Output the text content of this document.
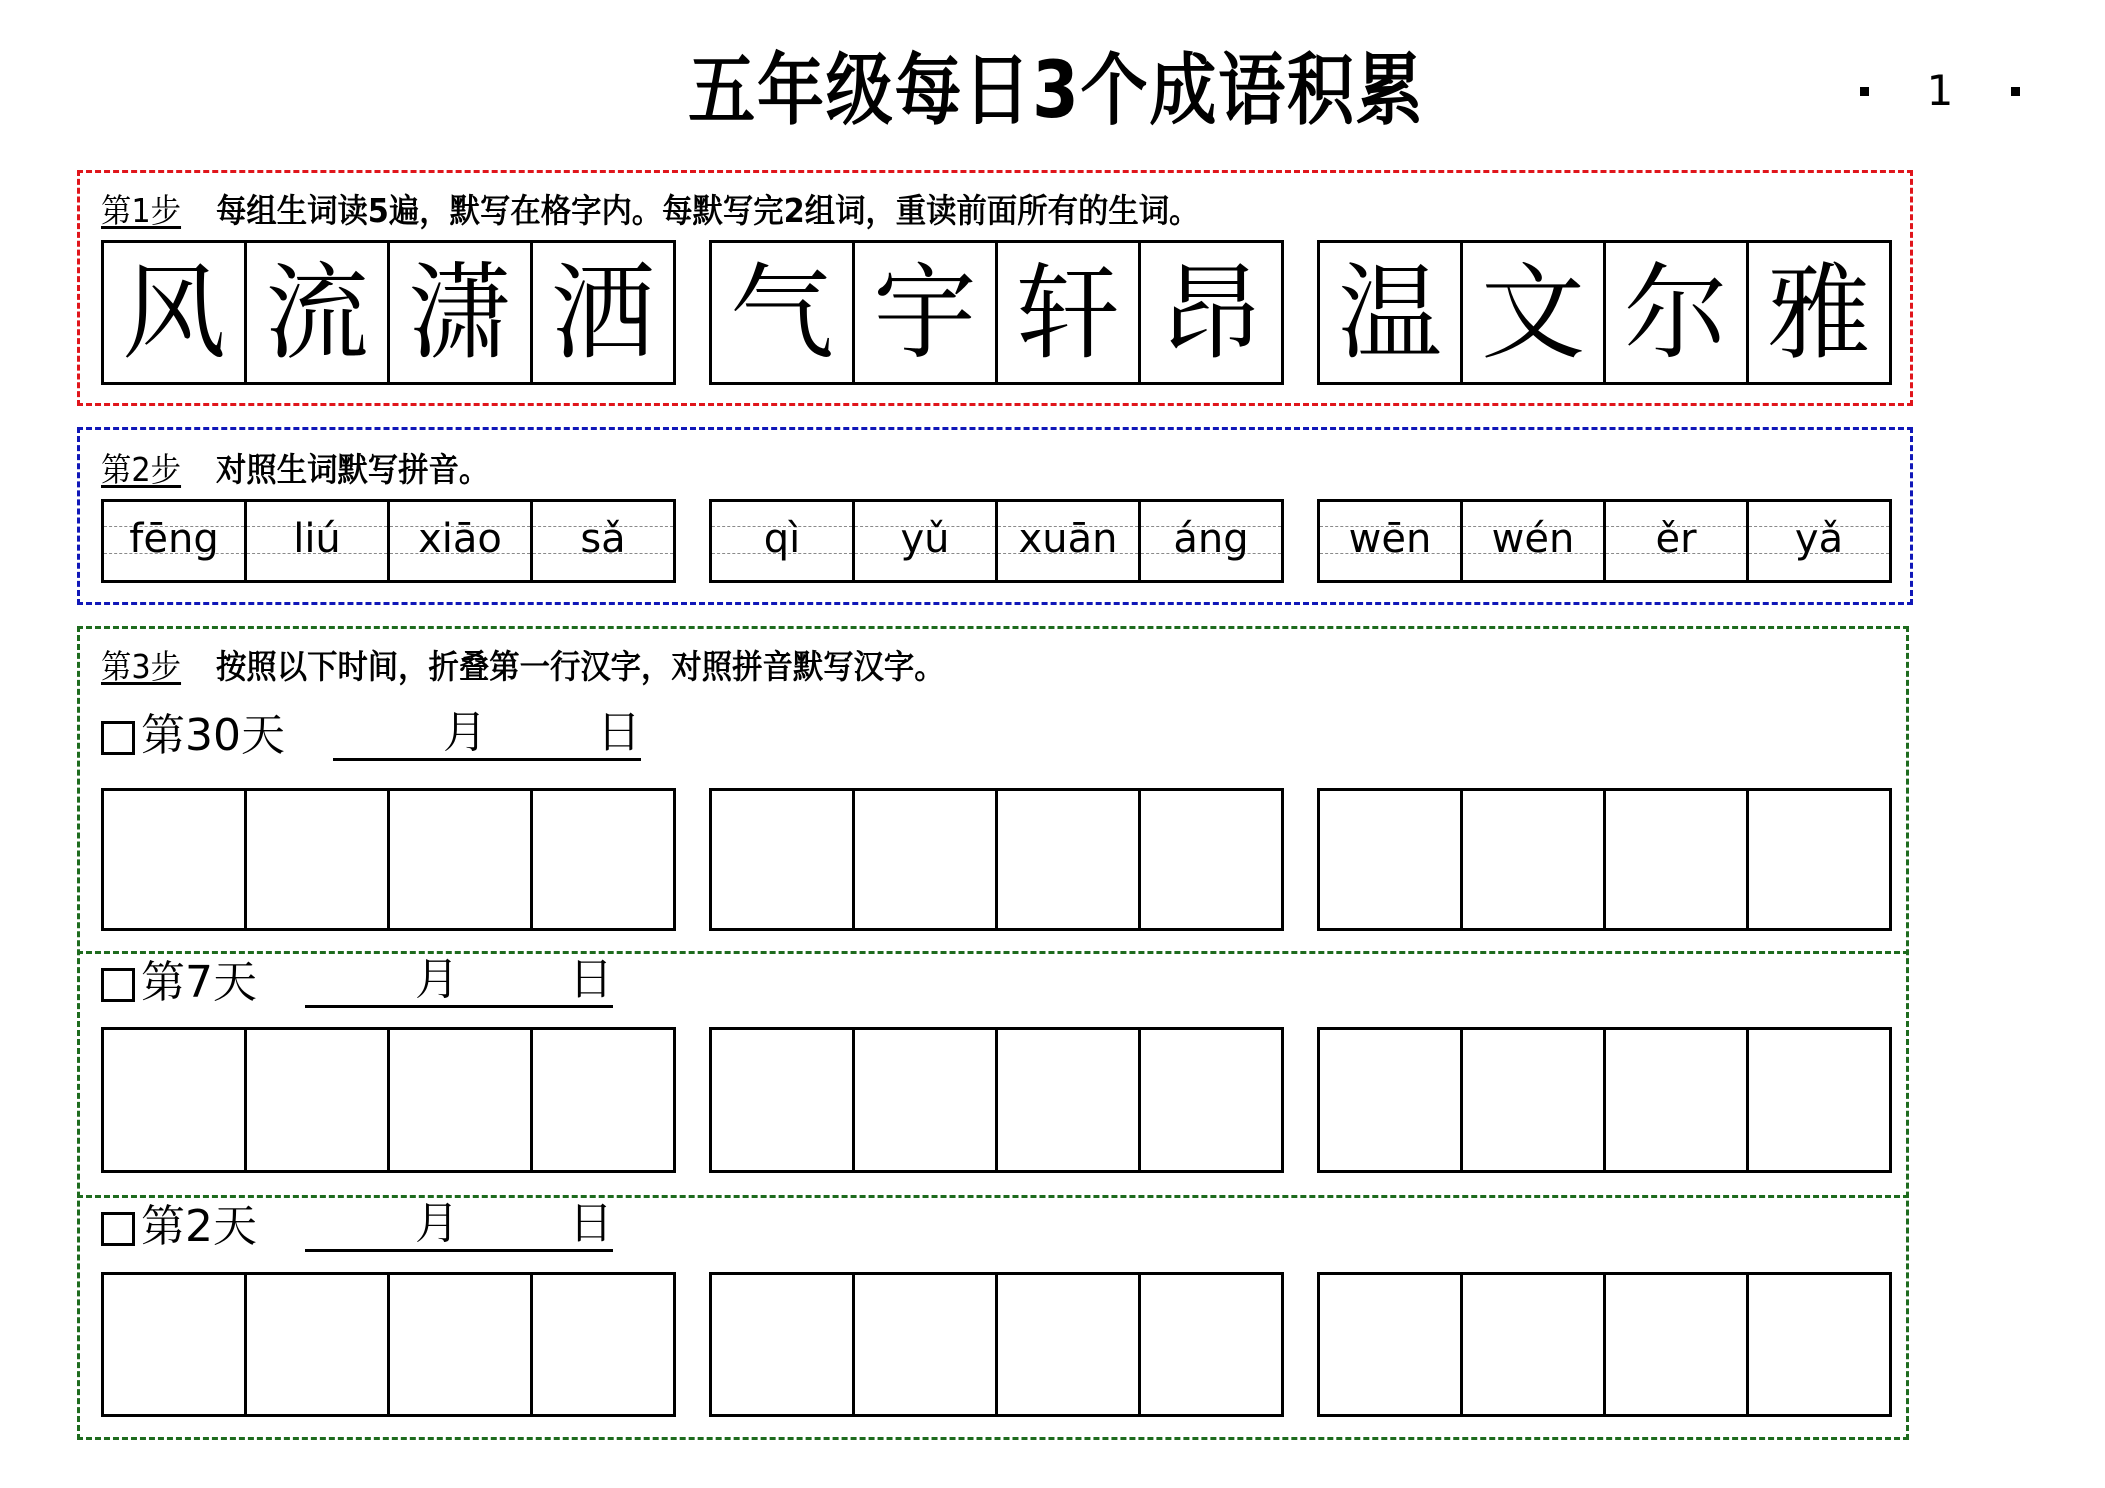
五年级每日3个成语积累	1
第1步 每组生词读5遍，默写在格字内。每默写完2组词，重读前面所有的生词。
风 流 潇 洒 气 宇 轩 昂 温 文 尔 雅
第2步 对照生词默写拼音。
fēng liú xiāo sǎ	qì	yǔ xuān áng	wēn wén ěr yǎ
第3步 按照以下时间，折叠第一行汉字，对照拼音默写汉字。
第30天	月	日
第7天	月	日
第2天	月	日
